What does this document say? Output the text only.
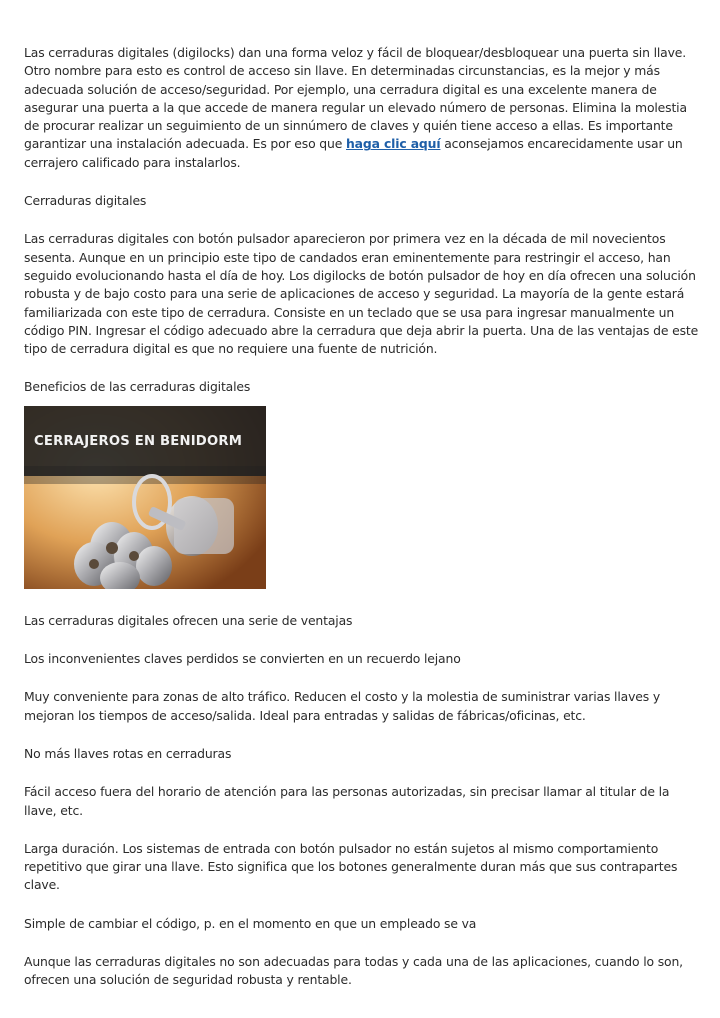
Las cerraduras digitales (digilocks) dan una forma veloz y fácil de bloquear/desbloquear una puerta sin llave. Otro nombre para esto es control de acceso sin llave. En determinadas circunstancias, es la mejor y más adecuada solución de acceso/seguridad. Por ejemplo, una cerradura digital es una excelente manera de asegurar una puerta a la que accede de manera regular un elevado número de personas. Elimina la molestia de procurar realizar un seguimiento de un sinnúmero de claves y quién tiene acceso a ellas. Es importante garantizar una instalación adecuada. Es por eso que haga clic aquí aconsejamos encarecidamente usar un cerrajero calificado para instalarlos.

Cerraduras digitales

Las cerraduras digitales con botón pulsador aparecieron por primera vez en la década de mil novecientos sesenta. Aunque en un principio este tipo de candados eran eminentemente para restringir el acceso, han seguido evolucionando hasta el día de hoy. Los digilocks de botón pulsador de hoy en día ofrecen una solución robusta y de bajo costo para una serie de aplicaciones de acceso y seguridad. La mayoría de la gente estará familiarizada con este tipo de cerradura. Consiste en un teclado que se usa para ingresar manualmente un código PIN. Ingresar el código adecuado abre la cerradura que deja abrir la puerta. Una de las ventajas de este tipo de cerradura digital es que no requiere una fuente de nutrición.

Beneficios de las cerraduras digitales

CERRAJEROS EN BENIDORM

Las cerraduras digitales ofrecen una serie de ventajas

Los inconvenientes claves perdidos se convierten en un recuerdo lejano

Muy conveniente para zonas de alto tráfico. Reducen el costo y la molestia de suministrar varias llaves y mejoran los tiempos de acceso/salida. Ideal para entradas y salidas de fábricas/oficinas, etc.

No más llaves rotas en cerraduras

Fácil acceso fuera del horario de atención para las personas autorizadas, sin precisar llamar al titular de la llave, etc.

Larga duración. Los sistemas de entrada con botón pulsador no están sujetos al mismo comportamiento repetitivo que girar una llave. Esto significa que los botones generalmente duran más que sus contrapartes clave.

Simple de cambiar el código, p. en el momento en que un empleado se va

Aunque las cerraduras digitales no son adecuadas para todas y cada una de las aplicaciones, cuando lo son, ofrecen una solución de seguridad robusta y rentable.
